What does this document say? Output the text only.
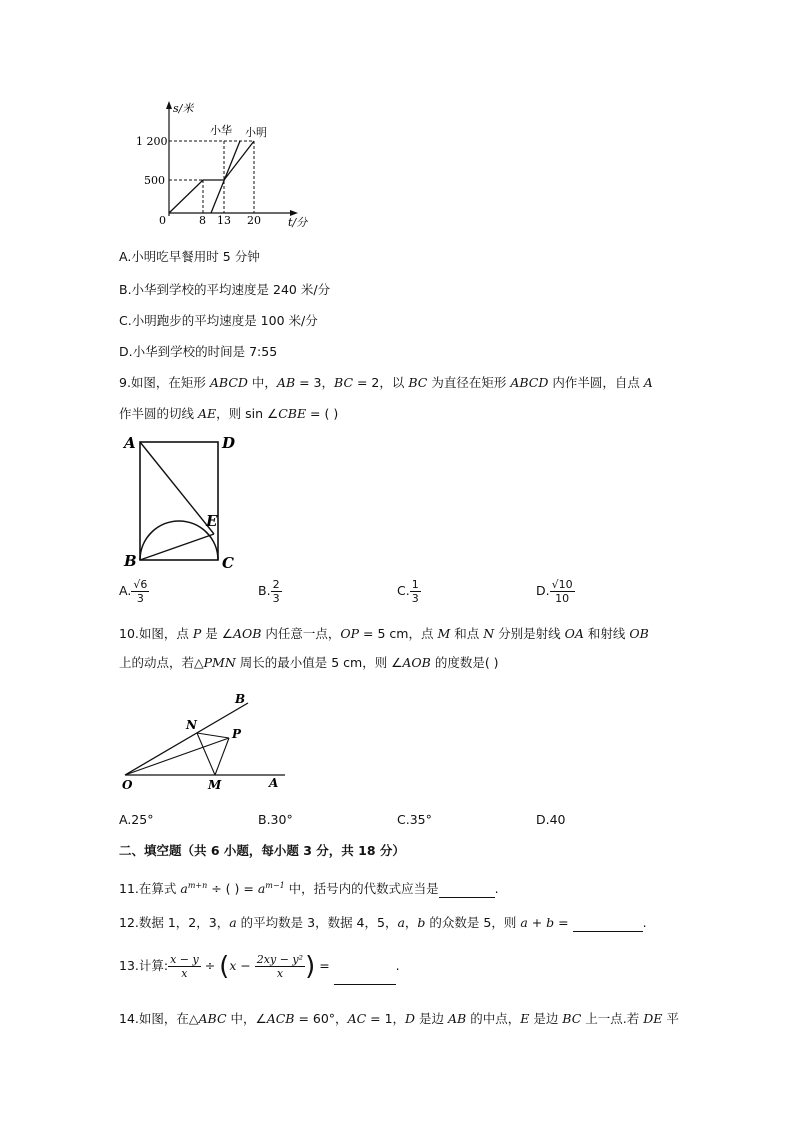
s/米
t/分
1 200
500
0	8 13 20
小华 小明
A.小明吃早餐用时 5 分钟
B.小华到学校的平均速度是 240 米/分
C.小明跑步的平均速度是 100 米/分
D.小华到学校的时间是 7:55
9.如图，在矩形 ABCD 中，AB = 3，BC = 2，以 BC 为直径在矩形 ABCD 内作半圆，自点 A
作半圆的切线 AE，则 sin ∠CBE = ( )
A	D
E
B	C
A. $\frac{√6}{3}$	B. $\frac{2}{3}$	C. $\frac{1}{3}$	D. $\frac{√10}{10}$
10.如图，点 P 是 ∠AOB 内任意一点，OP = 5 cm，点 M 和点 N 分别是射线 OA 和射线 OB
上的动点，若△PMN 周长的最小值是 5 cm，则 ∠AOB 的度数是( )
B
N
P
O	M	A
A.25°	B.30°	C.35°	D.40
二、填空题（共 6 小题，每小题 3 分，共 18 分）
11.在算式 $a^{m+n}$ ÷ ( ) = $a^{m-1}$ 中，括号内的代数式应当是	.
12.数据 1，2，3，a 的平均数是 3，数据 4，5，a，b 的众数是 5，则 a + b =	.
13.计算: $\frac{x - y}{x} \div (x - \frac{\text{2xy − y²}}{x}$ ) =	.
14.如图，在△ABC 中，∠ACB = 60°，AC = 1，D 是边 AB 的中点，E 是边 BC 上一点.若 DE 平
